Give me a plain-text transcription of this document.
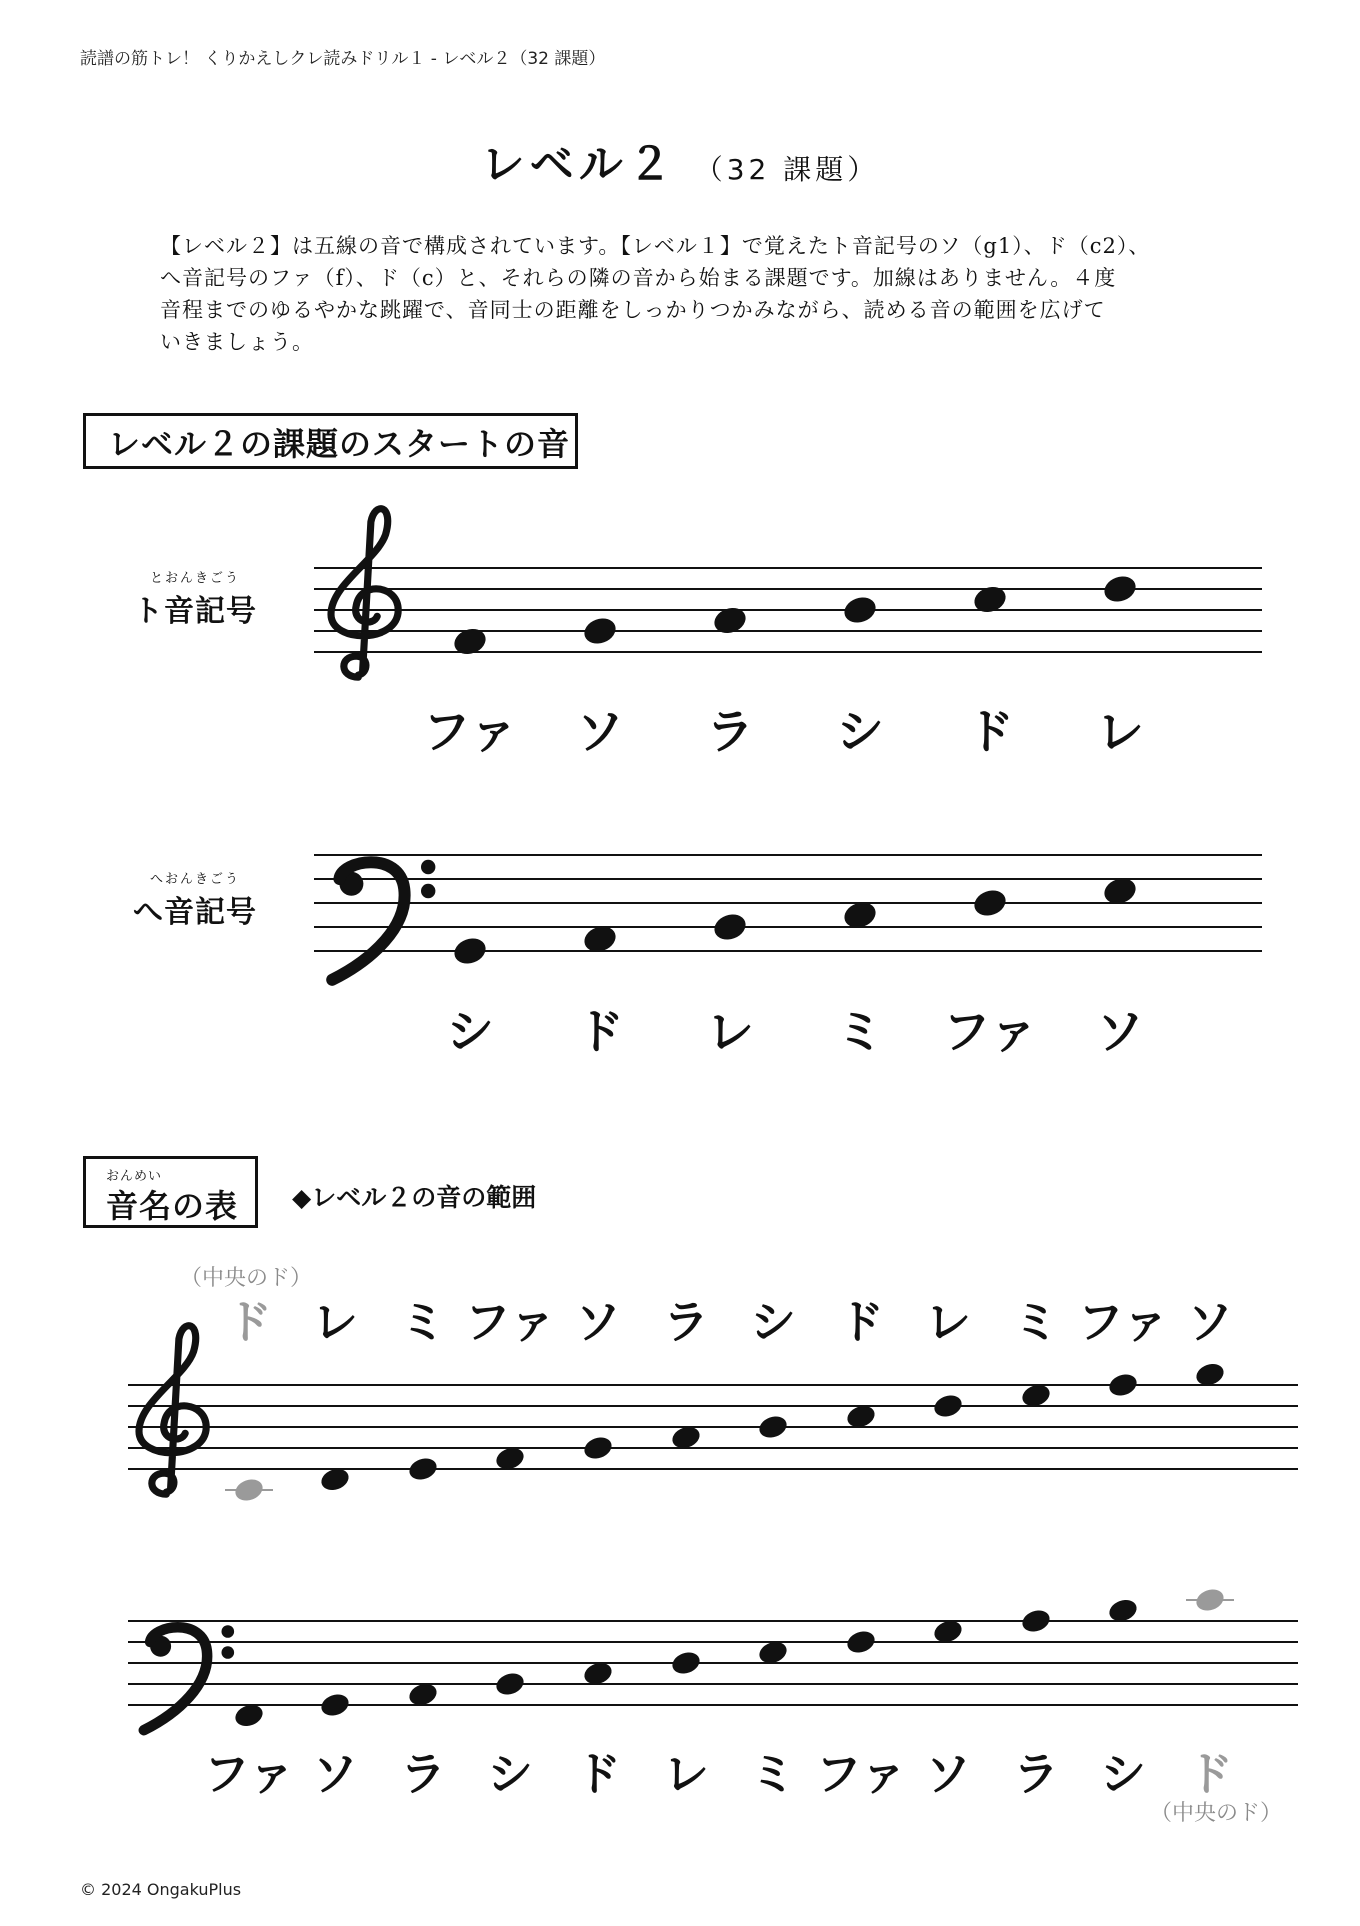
読譜の筋トレ！ くりかえしクレ読みドリル１ - レベル２（32 課題）
レベル２ （32 課題）
【レベル２】は五線の音で構成されています。【レベル１】で覚えたト音記号のソ（g1）、ド（c2）、
へ音記号のファ（f）、ド（c）と、それらの隣の音から始まる課題です。加線はありません。４度
音程までのゆるやかな跳躍で、音同士の距離をしっかりつかみながら、読める音の範囲を広げて
いきましょう。
レベル２の課題のスタートの音
とおんきごう
ト音記号
へおんきごう
へ音記号
おんめい
音名の表 ◆レベル２の音の範囲
ファ ソ ラ シ ド レ
シ ド レ ミ ファ ソ
ド レ ミ ファ ソ ラ シ ド レ ミ ファ ソ
（中央のド）
ファ ソ ラ シ ド レ ミ ファ ソ ラ シ ド
（中央のド）
© 2024 OngakuPlus
